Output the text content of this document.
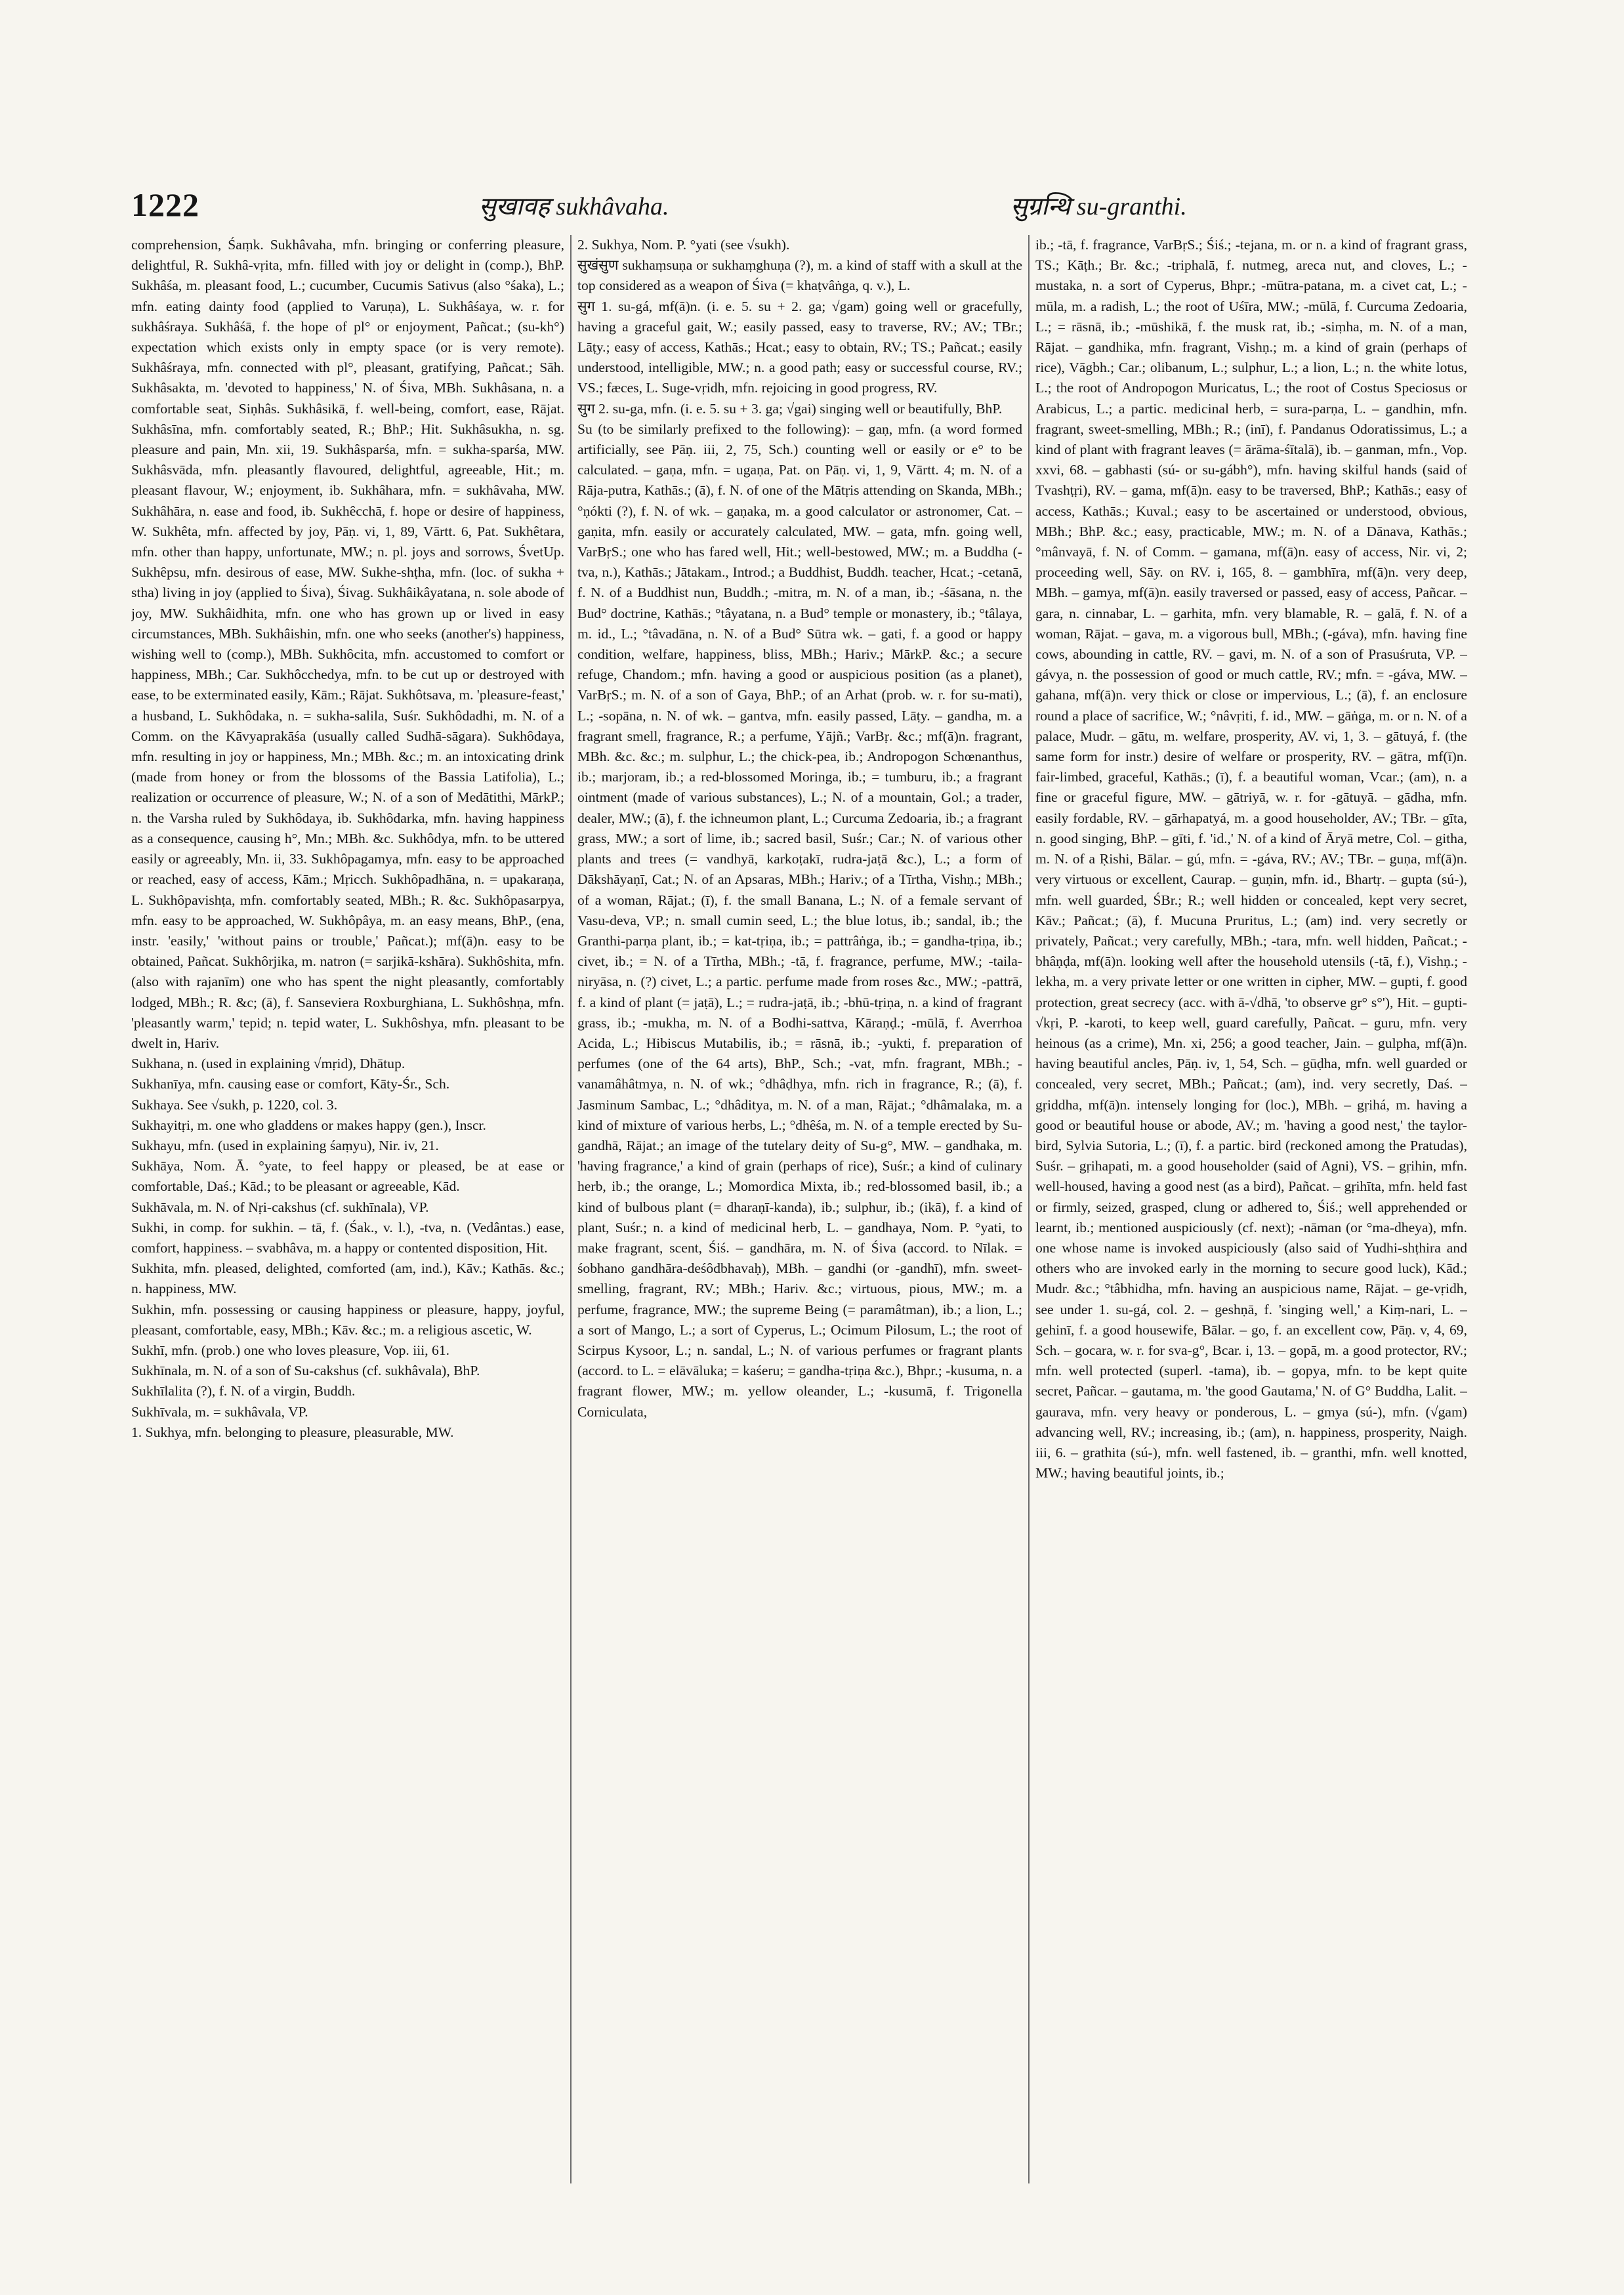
1222	सुखावह sukhâvaha.	सुग्रन्थि su-granthi.

comprehension, Śaṃk. Sukhâvaha, mfn. bringing or conferring pleasure, delightful, R. Sukhâ-vṛita, mfn. filled with joy or delight in (comp.), BhP. Sukhâśa, m. pleasant food, L.; cucumber, Cucumis Sativus (also °śaka), L.; mfn. eating dainty food (applied to Varuṇa), L. Sukhâśaya, w. r. for sukhâśraya. Sukhâśā, f. the hope of pl° or enjoyment, Pañcat.; (su-kh°) expectation which exists only in empty space (or is very remote). Sukhâśraya, mfn. connected with pl°, pleasant, gratifying, Pañcat.; Sāh. Sukhâsakta, m. 'devoted to happiness,' N. of Śiva, MBh. Sukhâsana, n. a comfortable seat, Siṇhâs. Sukhâsikā, f. well-being, comfort, ease, Rājat. Sukhâsīna, mfn. comfortably seated, R.; BhP.; Hit. Sukhâsukha, n. sg. pleasure and pain, Mn. xii, 19. Sukhâsparśa, mfn. = sukha-sparśa, MW. Sukhâsvāda, mfn. pleasantly flavoured, delightful, agreeable, Hit.; m. pleasant flavour, W.; enjoyment, ib. Sukhâhara, mfn. = sukhâvaha, MW. Sukhâhāra, n. ease and food, ib. Sukhêcchā, f. hope or desire of happiness, W. Sukhêta, mfn. affected by joy, Pāṇ. vi, 1, 89, Vārtt. 6, Pat. Sukhêtara, mfn. other than happy, unfortunate, MW.; n. pl. joys and sorrows, ŚvetUp. Sukhêpsu, mfn. desirous of ease, MW. Sukhe-shṭha, mfn. (loc. of sukha + stha) living in joy (applied to Śiva), Śivag. Sukhâikâyatana, n. sole abode of joy, MW. Sukhâidhita, mfn. one who has grown up or lived in easy circumstances, MBh. Sukhâishin, mfn. one who seeks (another's) happiness, wishing well to (comp.), MBh. Sukhôcita, mfn. accustomed to comfort or happiness, MBh.; Car. Sukhôcchedya, mfn. to be cut up or destroyed with ease, to be exterminated easily, Kām.; Rājat. Sukhôtsava, m. 'pleasure-feast,' a husband, L. Sukhôdaka, n. = sukha-salila, Suśr. Sukhôdadhi, m. N. of a Comm. on the Kāvyaprakāśa (usually called Sudhā-sāgara). Sukhôdaya, mfn. resulting in joy or happiness, Mn.; MBh. &c.; m. an intoxicating drink (made from honey or from the blossoms of the Bassia Latifolia), L.; realization or occurrence of pleasure, W.; N. of a son of Medātithi, MārkP.; n. the Varsha ruled by Sukhôdaya, ib. Sukhôdarka, mfn. having happiness as a consequence, causing h°, Mn.; MBh. &c. Sukhôdya, mfn. to be uttered easily or agreeably, Mn. ii, 33. Sukhôpagamya, mfn. easy to be approached or reached, easy of access, Kām.; Mṛicch. Sukhôpadhāna, n. = upakaraṇa, L. Sukhôpavishṭa, mfn. comfortably seated, MBh.; R. &c. Sukhôpasarpya, mfn. easy to be approached, W. Sukhôpâya, m. an easy means, BhP., (ena, instr. 'easily,' 'without pains or trouble,' Pañcat.); mf(ā)n. easy to be obtained, Pañcat. Sukhôrjika, m. natron (= sarjikā-kshāra). Sukhôshita, mfn. (also with rajanīm) one who has spent the night pleasantly, comfortably lodged, MBh.; R. &c; (ā), f. Sanseviera Roxburghiana, L. Sukhôshṇa, mfn. 'pleasantly warm,' tepid; n. tepid water, L. Sukhôshya, mfn. pleasant to be dwelt in, Hariv.

Sukhana, n. (used in explaining √mṛid), Dhātup.

Sukhanīya, mfn. causing ease or comfort, Kāty-Śr., Sch.

Sukhaya. See √sukh, p. 1220, col. 3.

Sukhayitṛi, m. one who gladdens or makes happy (gen.), Inscr.

Sukhayu, mfn. (used in explaining śaṃyu), Nir. iv, 21.

Sukhāya, Nom. Ā. °yate, to feel happy or pleased, be at ease or comfortable, Daś.; Kād.; to be pleasant or agreeable, Kād.

Sukhāvala, m. N. of Nṛi-cakshus (cf. sukhīnala), VP.

Sukhi, in comp. for sukhin. – tā, f. (Śak., v. l.), -tva, n. (Vedântas.) ease, comfort, happiness. – svabhâva, m. a happy or contented disposition, Hit.

Sukhita, mfn. pleased, delighted, comforted (am, ind.), Kāv.; Kathās. &c.; n. happiness, MW.

Sukhin, mfn. possessing or causing happiness or pleasure, happy, joyful, pleasant, comfortable, easy, MBh.; Kāv. &c.; m. a religious ascetic, W.

Sukhī, mfn. (prob.) one who loves pleasure, Vop. iii, 61.

Sukhīnala, m. N. of a son of Su-cakshus (cf. sukhâvala), BhP.

Sukhīlalita (?), f. N. of a virgin, Buddh.

Sukhīvala, m. = sukhâvala, VP.

1. Sukhya, mfn. belonging to pleasure, pleasurable, MW.

2. Sukhya, Nom. P. °yati (see √sukh).

सुखंसुण sukhaṃsuṇa or sukhaṃghuṇa (?), m. a kind of staff with a skull at the top considered as a weapon of Śiva (= khaṭvâṅga, q. v.), L.

सुग 1. su-gá, mf(ā)n. (i. e. 5. su + 2. ga; √gam) going well or gracefully, having a graceful gait, W.; easily passed, easy to traverse, RV.; AV.; TBr.; Lāṭy.; easy of access, Kathās.; Hcat.; easy to obtain, RV.; TS.; Pañcat.; easily understood, intelligible, MW.; n. a good path; easy or successful course, RV.; VS.; fæces, L. Suge-vṛidh, mfn. rejoicing in good progress, RV.

सुग 2. su-ga, mfn. (i. e. 5. su + 3. ga; √gai) singing well or beautifully, BhP.

Su (to be similarly prefixed to the following): – gaṇ, mfn. (a word formed artificially, see Pāṇ. iii, 2, 75, Sch.) counting well or easily or e° to be calculated. – gaṇa, mfn. = ugaṇa, Pat. on Pāṇ. vi, 1, 9, Vārtt. 4; m. N. of a Rāja-putra, Kathās.; (ā), f. N. of one of the Mātṛis attending on Skanda, MBh.; °ṇókti (?), f. N. of wk. – gaṇaka, m. a good calculator or astronomer, Cat. – gaṇita, mfn. easily or accurately calculated, MW. – gata, mfn. going well, VarBṛS.; one who has fared well, Hit.; well-bestowed, MW.; m. a Buddha (-tva, n.), Kathās.; Jātakam., Introd.; a Buddhist, Buddh. teacher, Hcat.; -cetanā, f. N. of a Buddhist nun, Buddh.; -mitra, m. N. of a man, ib.; -śāsana, n. the Bud° doctrine, Kathās.; °tâyatana, n. a Bud° temple or monastery, ib.; °tâlaya, m. id., L.; °tâvadāna, n. N. of a Bud° Sūtra wk. – gati, f. a good or happy condition, welfare, happiness, bliss, MBh.; Hariv.; MārkP. &c.; a secure refuge, Chandom.; mfn. having a good or auspicious position (as a planet), VarBṛS.; m. N. of a son of Gaya, BhP.; of an Arhat (prob. w. r. for su-mati), L.; -sopāna, n. N. of wk. – gantva, mfn. easily passed, Lāṭy. – gandha, m. a fragrant smell, fragrance, R.; a perfume, Yājñ.; VarBṛ. &c.; mf(ā)n. fragrant, MBh. &c. &c.; m. sulphur, L.; the chick-pea, ib.; Andropogon Schœnanthus, ib.; marjoram, ib.; a red-blossomed Moringa, ib.; = tumburu, ib.; a fragrant ointment (made of various substances), L.; N. of a mountain, Gol.; a trader, dealer, MW.; (ā), f. the ichneumon plant, L.; Curcuma Zedoaria, ib.; a fragrant grass, MW.; a sort of lime, ib.; sacred basil, Suśr.; Car.; N. of various other plants and trees (= vandhyā, karkoṭakī, rudra-jaṭā &c.), L.; a form of Dākshāyaṇī, Cat.; N. of an Apsaras, MBh.; Hariv.; of a Tīrtha, Vishṇ.; MBh.; of a woman, Rājat.; (ī), f. the small Banana, L.; N. of a female servant of Vasu-deva, VP.; n. small cumin seed, L.; the blue lotus, ib.; sandal, ib.; the Granthi-parṇa plant, ib.; = kat-tṛiṇa, ib.; = pattrâṅga, ib.; = gandha-tṛiṇa, ib.; civet, ib.; = N. of a Tīrtha, MBh.; -tā, f. fragrance, perfume, MW.; -taila-niryāsa, n. (?) civet, L.; a partic. perfume made from roses &c., MW.; -pattrā, f. a kind of plant (= jaṭā), L.; = rudra-jaṭā, ib.; -bhū-tṛiṇa, n. a kind of fragrant grass, ib.; -mukha, m. N. of a Bodhi-sattva, Kāraṇḍ.; -mūlā, f. Averrhoa Acida, L.; Hibiscus Mutabilis, ib.; = rāsnā, ib.; -yukti, f. preparation of perfumes (one of the 64 arts), BhP., Sch.; -vat, mfn. fragrant, MBh.; -vanamâhâtmya, n. N. of wk.; °dhâḍhya, mfn. rich in fragrance, R.; (ā), f. Jasminum Sambac, L.; °dhâditya, m. N. of a man, Rājat.; °dhâmalaka, m. a kind of mixture of various herbs, L.; °dhêśa, m. N. of a temple erected by Su-gandhā, Rājat.; an image of the tutelary deity of Su-g°, MW. – gandhaka, m. 'having fragrance,' a kind of grain (perhaps of rice), Suśr.; a kind of culinary herb, ib.; the orange, L.; Momordica Mixta, ib.; red-blossomed basil, ib.; a kind of bulbous plant (= dharaṇī-kanda), ib.; sulphur, ib.; (ikā), f. a kind of plant, Suśr.; n. a kind of medicinal herb, L. – gandhaya, Nom. P. °yati, to make fragrant, scent, Śiś. – gandhāra, m. N. of Śiva (accord. to Nīlak. = śobhano gandhāra-deśôdbhavaḥ), MBh. – gandhi (or -gandhī), mfn. sweet-smelling, fragrant, RV.; MBh.; Hariv. &c.; virtuous, pious, MW.; m. a perfume, fragrance, MW.; the supreme Being (= paramâtman), ib.; a lion, L.; a sort of Mango, L.; a sort of Cyperus, L.; Ocimum Pilosum, L.; the root of Scirpus Kysoor, L.; n. sandal, L.; N. of various perfumes or fragrant plants (accord. to L. = elāvāluka; = kaśeru; = gandha-tṛiṇa &c.), Bhpr.; -kusuma, n. a fragrant flower, MW.; m. yellow oleander, L.; -kusumā, f. Trigonella Corniculata,

ib.; -tā, f. fragrance, VarBṛS.; Śiś.; -tejana, m. or n. a kind of fragrant grass, TS.; Kāṭh.; Br. &c.; -triphalā, f. nutmeg, areca nut, and cloves, L.; -mustaka, n. a sort of Cyperus, Bhpr.; -mūtra-patana, m. a civet cat, L.; -mūla, m. a radish, L.; the root of Uśīra, MW.; -mūlā, f. Curcuma Zedoaria, L.; = rāsnā, ib.; -mūshikā, f. the musk rat, ib.; -siṃha, m. N. of a man, Rājat. – gandhika, mfn. fragrant, Vishṇ.; m. a kind of grain (perhaps of rice), Vāgbh.; Car.; olibanum, L.; sulphur, L.; a lion, L.; n. the white lotus, L.; the root of Andropogon Muricatus, L.; the root of Costus Speciosus or Arabicus, L.; a partic. medicinal herb, = sura-parṇa, L. – gandhin, mfn. fragrant, sweet-smelling, MBh.; R.; (inī), f. Pandanus Odoratissimus, L.; a kind of plant with fragrant leaves (= ārāma-śītalā), ib. – ganman, mfn., Vop. xxvi, 68. – gabhasti (sú- or su-gábh°), mfn. having skilful hands (said of Tvashṭṛi), RV. – gama, mf(ā)n. easy to be traversed, BhP.; Kathās.; easy of access, Kathās.; Kuval.; easy to be ascertained or understood, obvious, MBh.; BhP. &c.; easy, practicable, MW.; m. N. of a Dānava, Kathās.; °mânvayā, f. N. of Comm. – gamana, mf(ā)n. easy of access, Nir. vi, 2; proceeding well, Sāy. on RV. i, 165, 8. – gambhīra, mf(ā)n. very deep, MBh. – gamya, mf(ā)n. easily traversed or passed, easy of access, Pañcar. – gara, n. cinnabar, L. – garhita, mfn. very blamable, R. – galā, f. N. of a woman, Rājat. – gava, m. a vigorous bull, MBh.; (-gáva), mfn. having fine cows, abounding in cattle, RV. – gavi, m. N. of a son of Prasuśruta, VP. – gávya, n. the possession of good or much cattle, RV.; mfn. = -gáva, MW. – gahana, mf(ā)n. very thick or close or impervious, L.; (ā), f. an enclosure round a place of sacrifice, W.; °nâvṛiti, f. id., MW. – gāṅga, m. or n. N. of a palace, Mudr. – gātu, m. welfare, prosperity, AV. vi, 1, 3. – gātuyá, f. (the same form for instr.) desire of welfare or prosperity, RV. – gātra, mf(ī)n. fair-limbed, graceful, Kathās.; (ī), f. a beautiful woman, Vcar.; (am), n. a fine or graceful figure, MW. – gātriyā, w. r. for -gātuyā. – gādha, mfn. easily fordable, RV. – gārhapatyá, m. a good householder, AV.; TBr. – gīta, n. good singing, BhP. – gīti, f. 'id.,' N. of a kind of Āryā metre, Col. – githa, m. N. of a Ṛishi, Bālar. – gú, mfn. = -gáva, RV.; AV.; TBr. – guṇa, mf(ā)n. very virtuous or excellent, Caurap. – guṇin, mfn. id., Bhartṛ. – gupta (sú-), mfn. well guarded, ŚBr.; R.; well hidden or concealed, kept very secret, Kāv.; Pañcat.; (ā), f. Mucuna Pruritus, L.; (am) ind. very secretly or privately, Pañcat.; very carefully, MBh.; -tara, mfn. well hidden, Pañcat.; -bhâṇḍa, mf(ā)n. looking well after the household utensils (-tā, f.), Vishṇ.; -lekha, m. a very private letter or one written in cipher, MW. – gupti, f. good protection, great secrecy (acc. with ā-√dhā, 'to observe gr° s°'), Hit. – gupti-√kṛi, P. -karoti, to keep well, guard carefully, Pañcat. – guru, mfn. very heinous (as a crime), Mn. xi, 256; a good teacher, Jain. – gulpha, mf(ā)n. having beautiful ancles, Pāṇ. iv, 1, 54, Sch. – gūḍha, mfn. well guarded or concealed, very secret, MBh.; Pañcat.; (am), ind. very secretly, Daś. – gṛiddha, mf(ā)n. intensely longing for (loc.), MBh. – gṛihá, m. having a good or beautiful house or abode, AV.; m. 'having a good nest,' the taylor-bird, Sylvia Sutoria, L.; (ī), f. a partic. bird (reckoned among the Pratudas), Suśr. – gṛihapati, m. a good householder (said of Agni), VS. – gṛihin, mfn. well-housed, having a good nest (as a bird), Pañcat. – gṛihīta, mfn. held fast or firmly, seized, grasped, clung or adhered to, Śiś.; well apprehended or learnt, ib.; mentioned auspiciously (cf. next); -nāman (or °ma-dheya), mfn. one whose name is invoked auspiciously (also said of Yudhi-shṭhira and others who are invoked early in the morning to secure good luck), Kād.; Mudr. &c.; °tâbhidha, mfn. having an auspicious name, Rājat. – ge-vṛidh, see under 1. su-gá, col. 2. – geshṇā, f. 'singing well,' a Kiṃ-nari, L. – gehinī, f. a good housewife, Bālar. – go, f. an excellent cow, Pāṇ. v, 4, 69, Sch. – gocara, w. r. for sva-g°, Bcar. i, 13. – gopā, m. a good protector, RV.; mfn. well protected (superl. -tama), ib. – gopya, mfn. to be kept quite secret, Pañcar. – gautama, m. 'the good Gautama,' N. of G° Buddha, Lalit. – gaurava, mfn. very heavy or ponderous, L. – gmya (sú-), mfn. (√gam) advancing well, RV.; increasing, ib.; (am), n. happiness, prosperity, Naigh. iii, 6. – grathita (sú-), mfn. well fastened, ib. – granthi, mfn. well knotted, MW.; having beautiful joints, ib.;
